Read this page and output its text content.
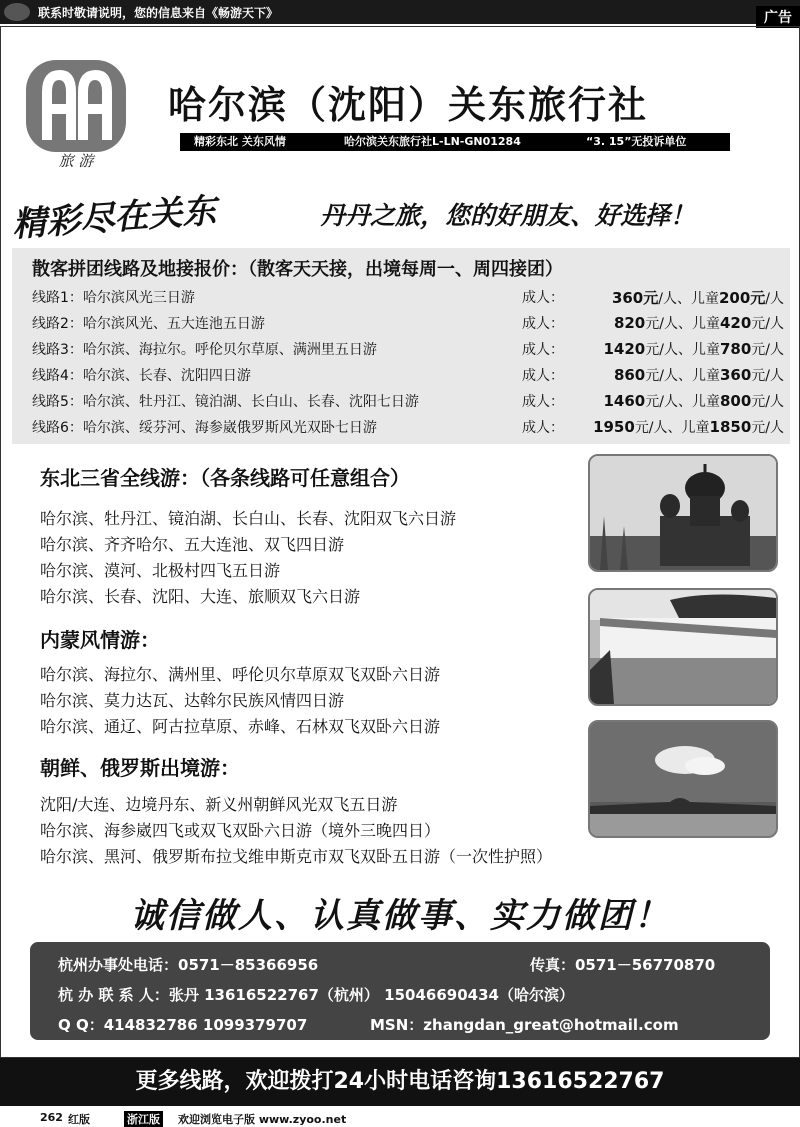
联系时敬请说明，您的信息来自《畅游天下》	广告
旅 游
哈尔滨（沈阳）关东旅行社
精彩东北 关东风情	哈尔滨关东旅行社L-LN-GN01284	“3. 15”无投诉单位
精彩尽在关东	丹丹之旅，您的好朋友、好选择！
散客拼团线路及地接报价：（散客天天接，出境每周一、周四接团）
线路1：哈尔滨风光三日游	成人：	360元/人、儿童200元/人
线路2：哈尔滨风光、五大连池五日游	成人：	820元/人、儿童420元/人
线路3：哈尔滨、海拉尔。呼伦贝尔草原、满洲里五日游	成人：	1420元/人、儿童780元/人
线路4：哈尔滨、长春、沈阳四日游	成人：	860元/人、儿童360元/人
线路5：哈尔滨、牡丹江、镜泊湖、长白山、长春、沈阳七日游	成人：	1460元/人、儿童800元/人
线路6：哈尔滨、绥芬河、海参崴俄罗斯风光双卧七日游	成人：	1950元/人、儿童1850元/人
东北三省全线游：（各条线路可任意组合）
哈尔滨、牡丹江、镜泊湖、长白山、长春、沈阳双飞六日游
哈尔滨、齐齐哈尔、五大连池、双飞四日游
哈尔滨、漠河、北极村四飞五日游
哈尔滨、长春、沈阳、大连、旅顺双飞六日游
内蒙风情游：
哈尔滨、海拉尔、满州里、呼伦贝尔草原双飞双卧六日游
哈尔滨、莫力达瓦、达斡尔民族风情四日游
哈尔滨、通辽、阿古拉草原、赤峰、石林双飞双卧六日游
朝鲜、俄罗斯出境游：
沈阳/大连、边境丹东、新义州朝鲜风光双飞五日游
哈尔滨、海参崴四飞或双飞双卧六日游（境外三晚四日）
哈尔滨、黑河、俄罗斯布拉戈维申斯克市双飞双卧五日游（一次性护照）
诚信做人、认真做事、实力做团！
杭州办事处电话：0571－85366956	传真：0571－56770870
杭 办 联 系 人：张丹 13616522767（杭州） 15046690434（哈尔滨）
Q Q：414832786 1099379707	MSN：zhangdan_great@hotmail.com
更多线路，欢迎拨打24小时电话咨询13616522767
262 红版	浙江版 欢迎浏览电子版 www.zyoo.net
